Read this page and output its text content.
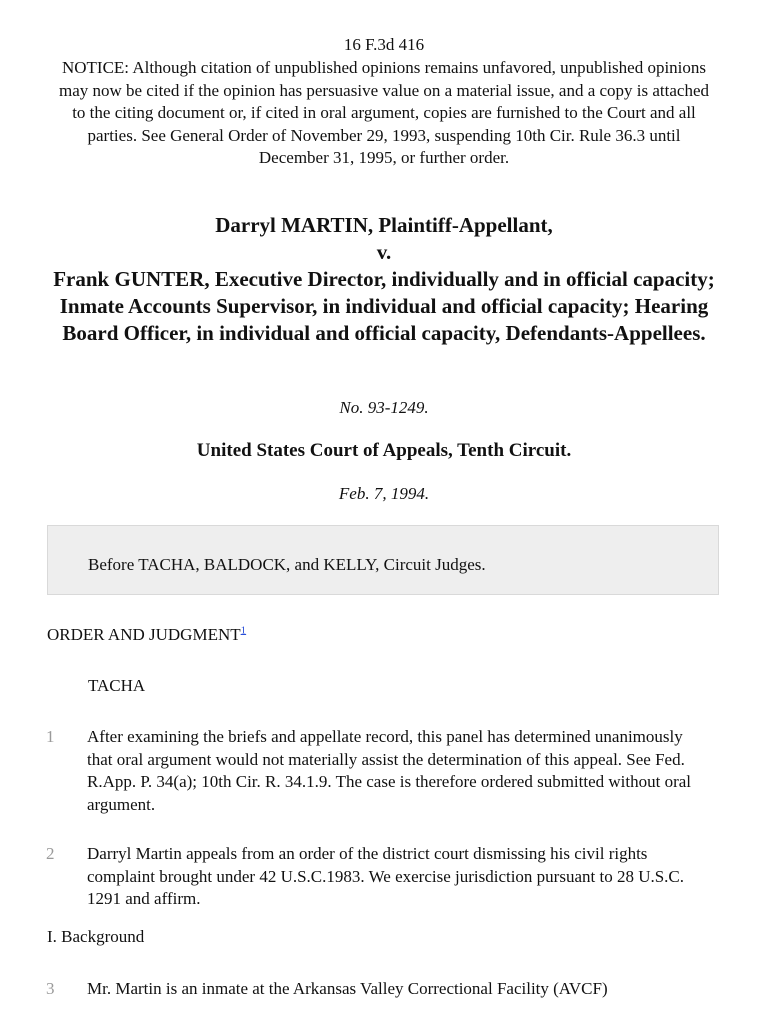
16 F.3d 416
NOTICE: Although citation of unpublished opinions remains unfavored, unpublished opinions may now be cited if the opinion has persuasive value on a material issue, and a copy is attached to the citing document or, if cited in oral argument, copies are furnished to the Court and all parties. See General Order of November 29, 1993, suspending 10th Cir. Rule 36.3 until December 31, 1995, or further order.
Darryl MARTIN, Plaintiff-Appellant,
v.
Frank GUNTER, Executive Director, individually and in official capacity; Inmate Accounts Supervisor, in individual and official capacity; Hearing Board Officer, in individual and official capacity, Defendants-Appellees.
No. 93-1249.
United States Court of Appeals, Tenth Circuit.
Feb. 7, 1994.
Before TACHA, BALDOCK, and KELLY, Circuit Judges.
ORDER AND JUDGMENT$^1$
TACHA
1 After examining the briefs and appellate record, this panel has determined unanimously that oral argument would not materially assist the determination of this appeal. See Fed. R.App. P. 34(a); 10th Cir. R. 34.1.9. The case is therefore ordered submitted without oral argument.
2 Darryl Martin appeals from an order of the district court dismissing his civil rights complaint brought under 42 U.S.C.1983. We exercise jurisdiction pursuant to 28 U.S.C. 1291 and affirm.
I. Background
3 Mr. Martin is an inmate at the Arkansas Valley Correctional Facility (AVCF)
